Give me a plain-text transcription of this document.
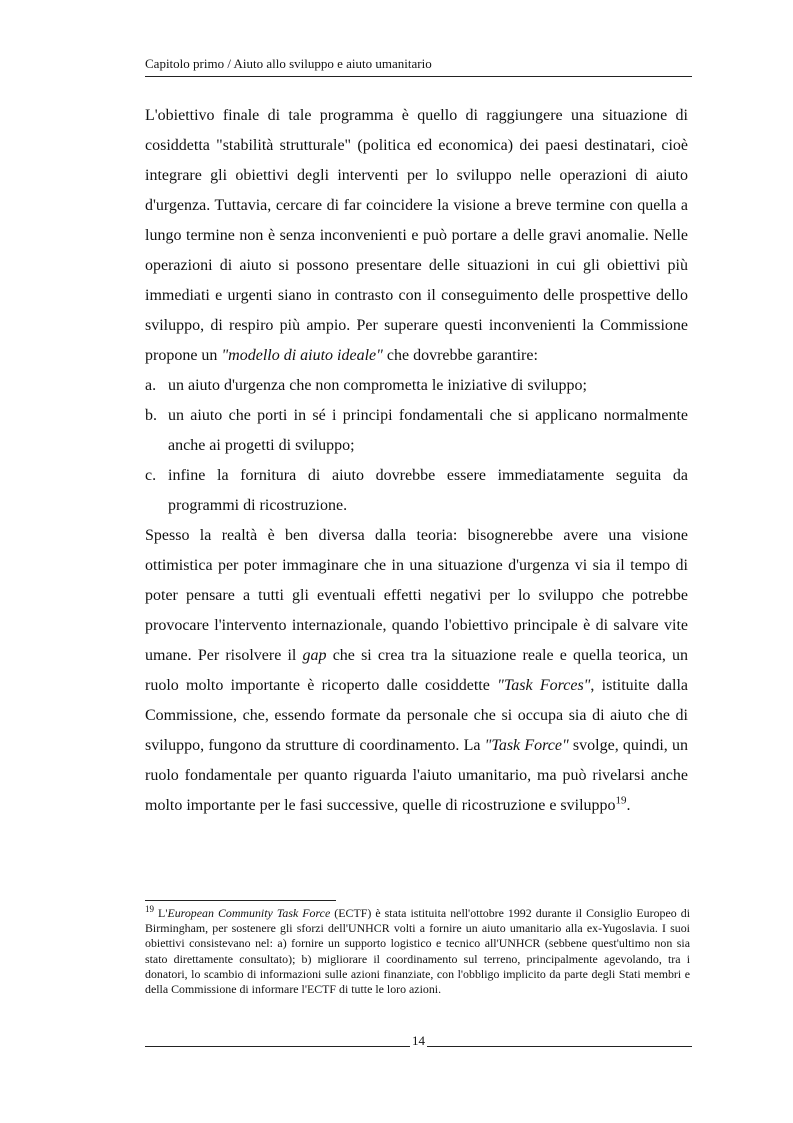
Capitolo primo / Aiuto allo sviluppo e aiuto umanitario

L'obiettivo finale di tale programma è quello di raggiungere una situazione di cosiddetta "stabilità strutturale" (politica ed economica) dei paesi destinatari, cioè integrare gli obiettivi degli interventi per lo sviluppo nelle operazioni di aiuto d'urgenza. Tuttavia, cercare di far coincidere la visione a breve termine con quella a lungo termine non è senza inconvenienti e può portare a delle gravi anomalie. Nelle operazioni di aiuto si possono presentare delle situazioni in cui gli obiettivi più immediati e urgenti siano in contrasto con il conseguimento delle prospettive dello sviluppo, di respiro più ampio. Per superare questi inconvenienti la Commissione propone un "modello di aiuto ideale" che dovrebbe garantire:

a. un aiuto d'urgenza che non comprometta le iniziative di sviluppo;
b. un aiuto che porti in sé i principi fondamentali che si applicano normalmente anche ai progetti di sviluppo;
c. infine la fornitura di aiuto dovrebbe essere immediatamente seguita da programmi di ricostruzione.

Spesso la realtà è ben diversa dalla teoria: bisognerebbe avere una visione ottimistica per poter immaginare che in una situazione d'urgenza vi sia il tempo di poter pensare a tutti gli eventuali effetti negativi per lo sviluppo che potrebbe provocare l'intervento internazionale, quando l'obiettivo principale è di salvare vite umane. Per risolvere il gap che si crea tra la situazione reale e quella teorica, un ruolo molto importante è ricoperto dalle cosiddette "Task Forces", istituite dalla Commissione, che, essendo formate da personale che si occupa sia di aiuto che di sviluppo, fungono da strutture di coordinamento. La "Task Force" svolge, quindi, un ruolo fondamentale per quanto riguarda l'aiuto umanitario, ma può rivelarsi anche molto importante per le fasi successive, quelle di ricostruzione e sviluppo$^{19}$.

$^{19}$ L'European Community Task Force (ECTF) è stata istituita nell'ottobre 1992 durante il Consiglio Europeo di Birmingham, per sostenere gli sforzi dell'UNHCR volti a fornire un aiuto umanitario alla ex-Yugoslavia. I suoi obiettivi consistevano nel: a) fornire un supporto logistico e tecnico all'UNHCR (sebbene quest'ultimo non sia stato direttamente consultato); b) migliorare il coordinamento sul terreno, principalmente agevolando, tra i donatori, lo scambio di informazioni sulle azioni finanziate, con l'obbligo implicito da parte degli Stati membri e della Commissione di informare l'ECTF di tutte le loro azioni.

14
